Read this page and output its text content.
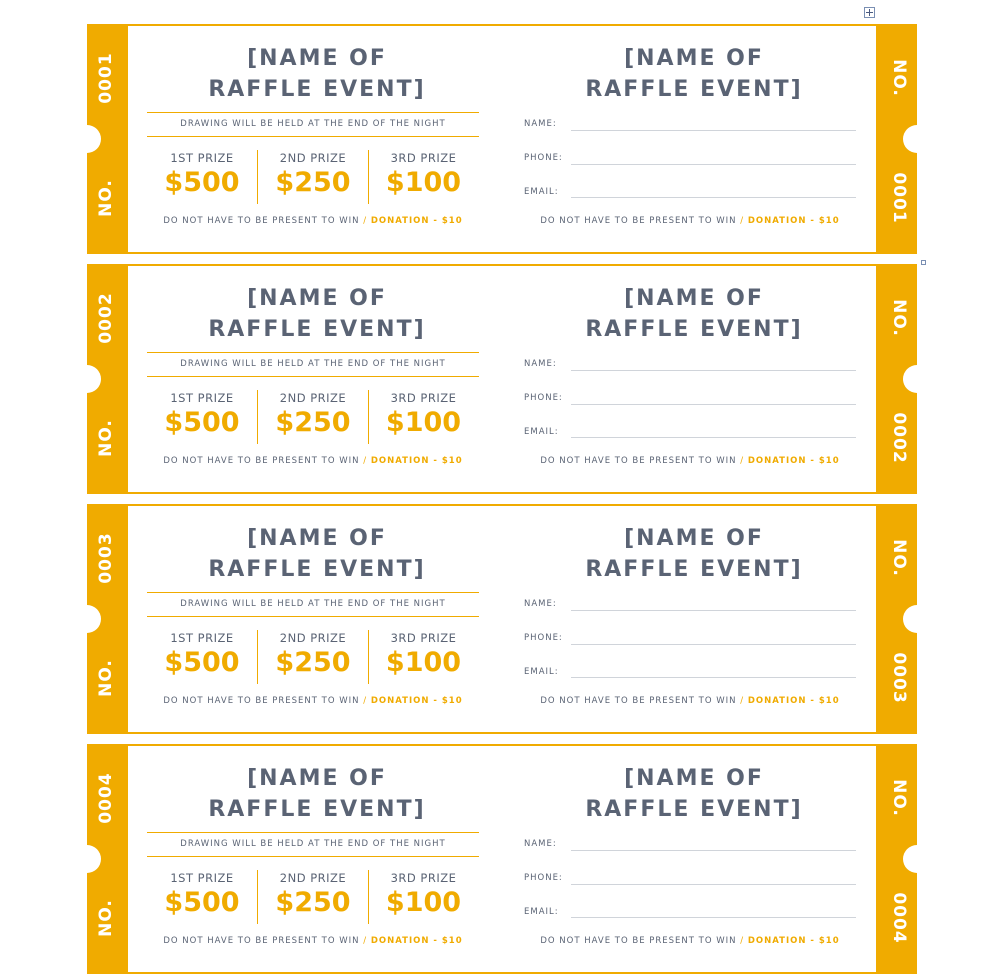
0001
NO.
NO.
0001
[NAME OF
RAFFLE EVENT]
DRAWING WILL BE HELD AT THE END OF THE NIGHT
1ST PRIZE
$500
2ND PRIZE
$250
3RD PRIZE
$100
DO NOT HAVE TO BE PRESENT TO WIN / DONATION - $10
[NAME OF
RAFFLE EVENT]
NAME:
PHONE:
EMAIL:
DO NOT HAVE TO BE PRESENT TO WIN / DONATION - $10
0002
NO.
NO.
0002
[NAME OF
RAFFLE EVENT]
DRAWING WILL BE HELD AT THE END OF THE NIGHT
1ST PRIZE
$500
2ND PRIZE
$250
3RD PRIZE
$100
DO NOT HAVE TO BE PRESENT TO WIN / DONATION - $10
[NAME OF
RAFFLE EVENT]
NAME:
PHONE:
EMAIL:
DO NOT HAVE TO BE PRESENT TO WIN / DONATION - $10
0003
NO.
NO.
0003
[NAME OF
RAFFLE EVENT]
DRAWING WILL BE HELD AT THE END OF THE NIGHT
1ST PRIZE
$500
2ND PRIZE
$250
3RD PRIZE
$100
DO NOT HAVE TO BE PRESENT TO WIN / DONATION - $10
[NAME OF
RAFFLE EVENT]
NAME:
PHONE:
EMAIL:
DO NOT HAVE TO BE PRESENT TO WIN / DONATION - $10
0004
NO.
NO.
0004
[NAME OF
RAFFLE EVENT]
DRAWING WILL BE HELD AT THE END OF THE NIGHT
1ST PRIZE
$500
2ND PRIZE
$250
3RD PRIZE
$100
DO NOT HAVE TO BE PRESENT TO WIN / DONATION - $10
[NAME OF
RAFFLE EVENT]
NAME:
PHONE:
EMAIL:
DO NOT HAVE TO BE PRESENT TO WIN / DONATION - $10
